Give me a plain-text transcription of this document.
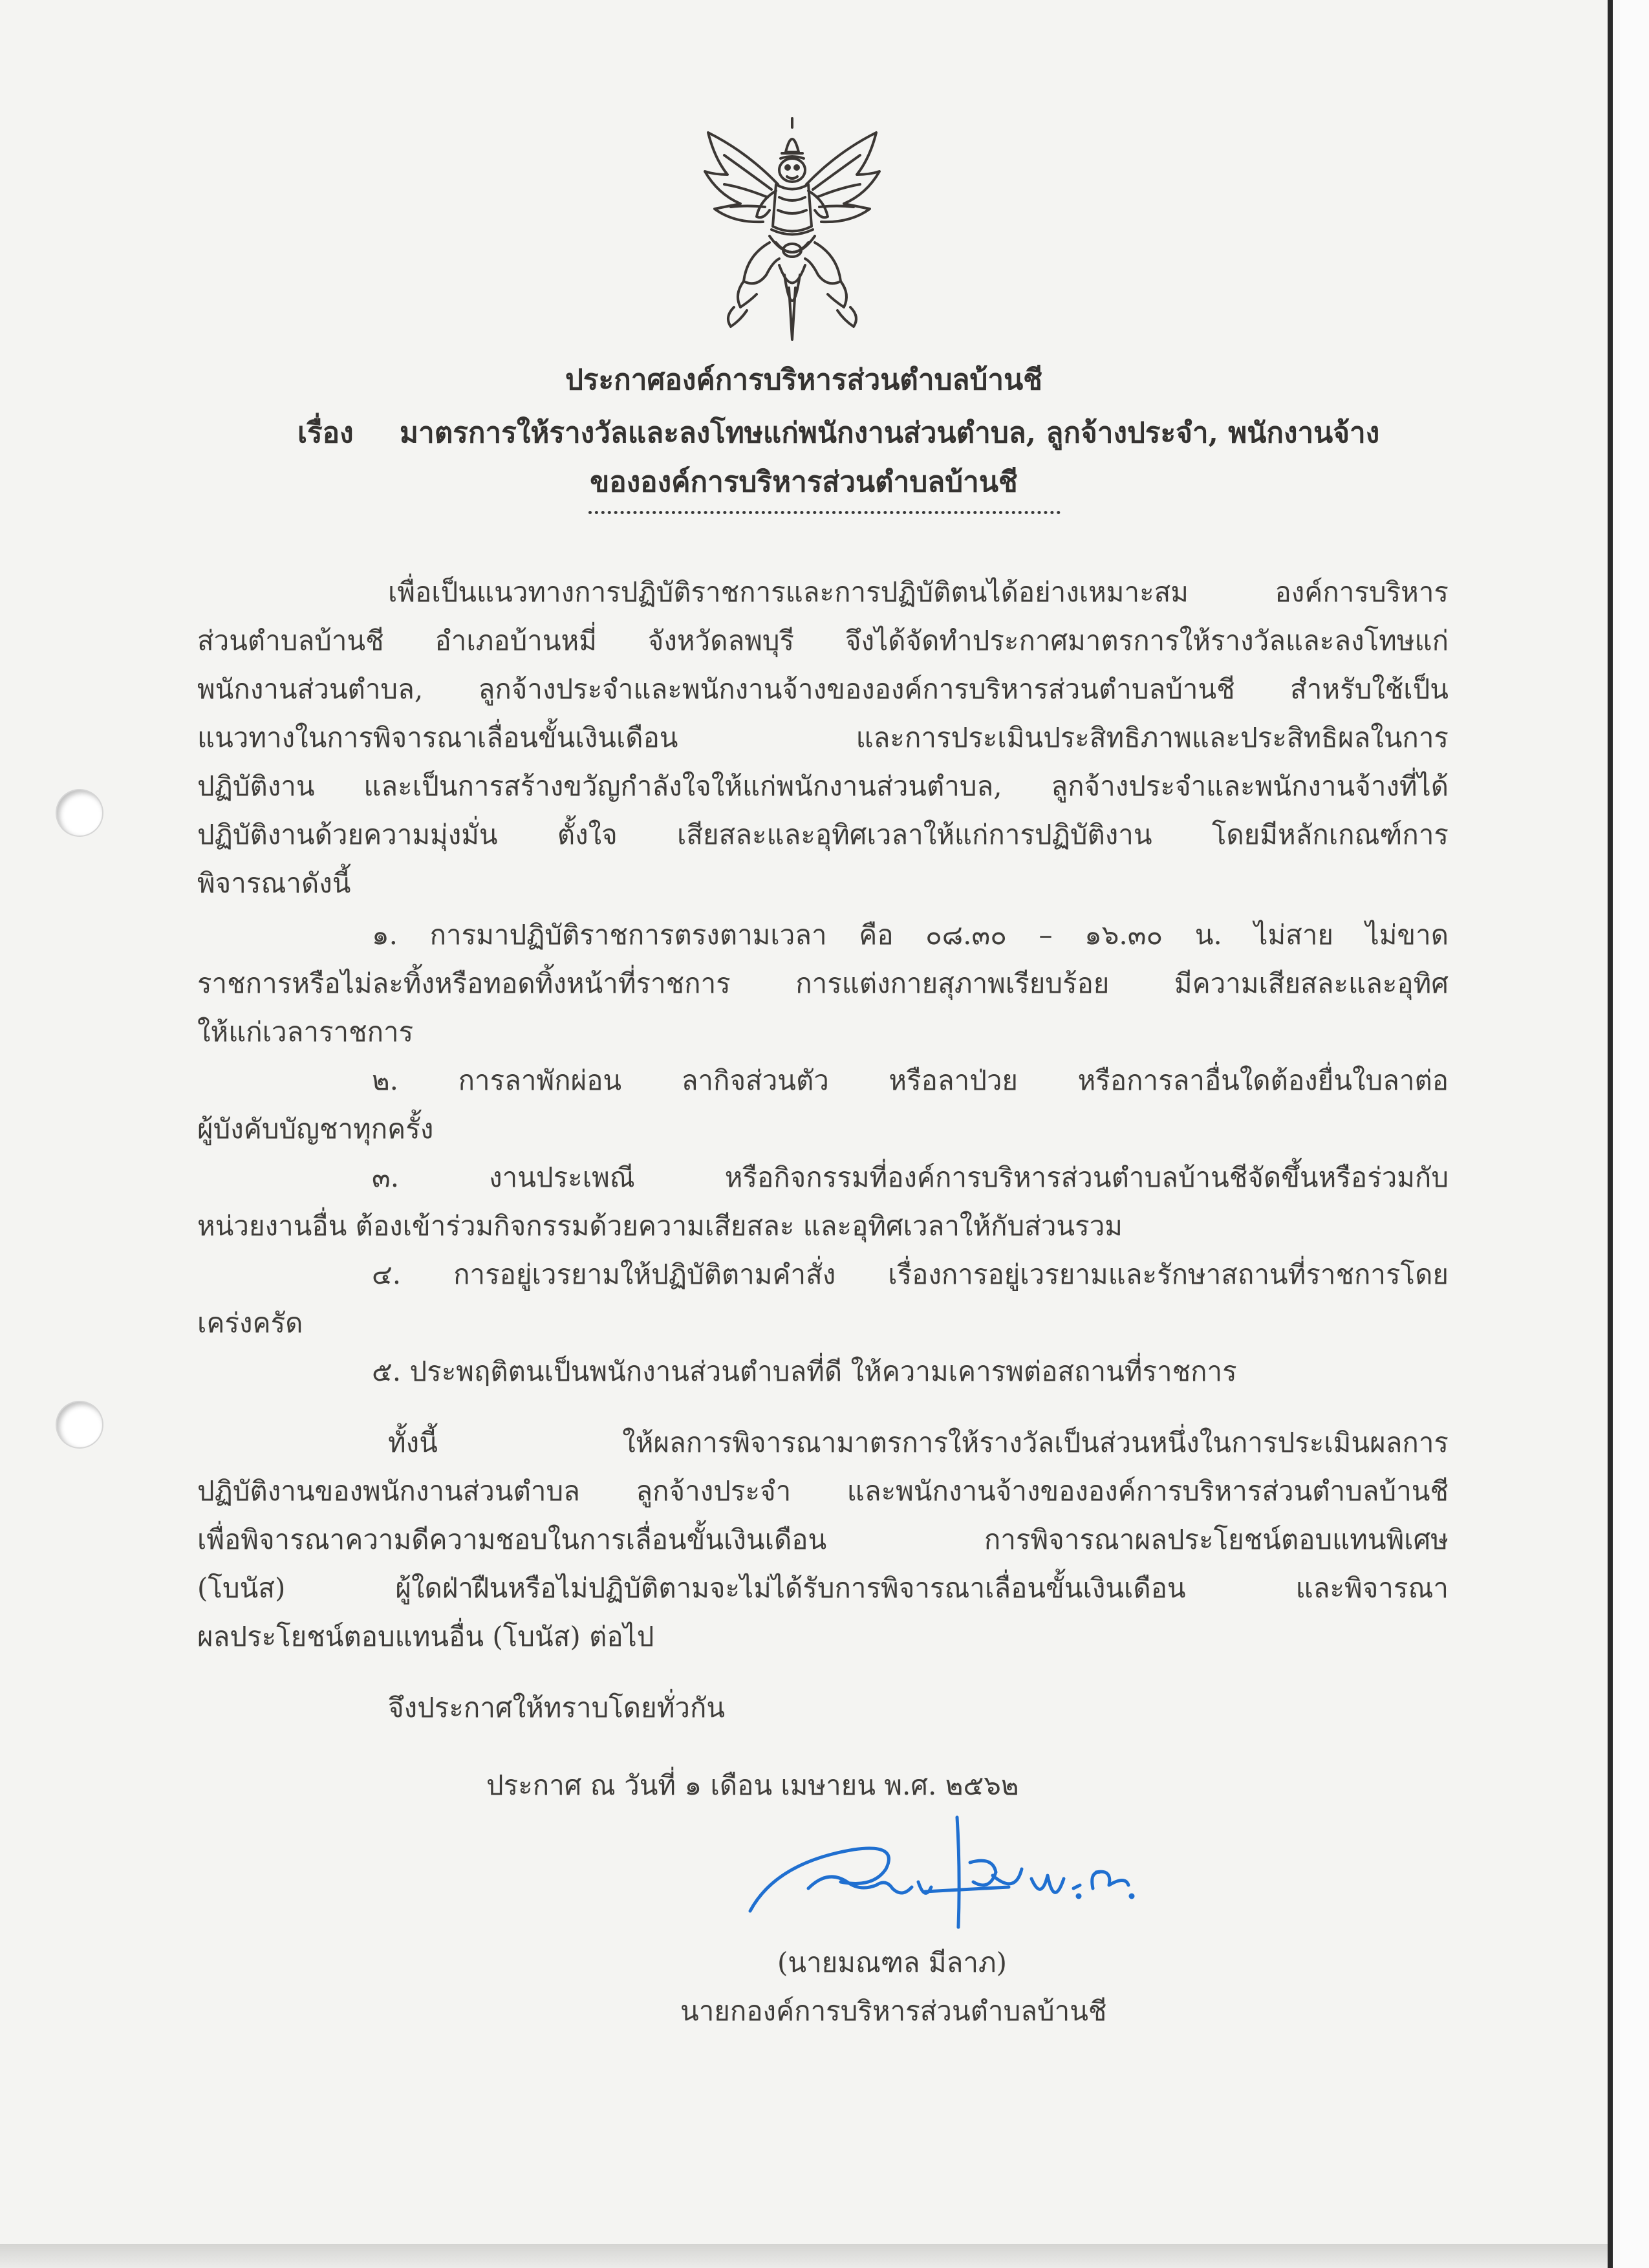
ประกาศองค์การบริหารส่วนตำบลบ้านชี
เรื่อง มาตรการให้รางวัลและลงโทษแก่พนักงานส่วนตำบล, ลูกจ้างประจำ, พนักงานจ้าง
ขององค์การบริหารส่วนตำบลบ้านชี
เพื่อเป็นแนวทางการปฏิบัติราชการและการปฏิบัติตนได้อย่างเหมาะสม องค์การบริหาร
ส่วนตำบลบ้านชี อำเภอบ้านหมี่ จังหวัดลพบุรี จึงได้จัดทำประกาศมาตรการให้รางวัลและลงโทษแก่
พนักงานส่วนตำบล, ลูกจ้างประจำและพนักงานจ้างขององค์การบริหารส่วนตำบลบ้านชี สำหรับใช้เป็น
แนวทางในการพิจารณาเลื่อนขั้นเงินเดือน และการประเมินประสิทธิภาพและประสิทธิผลในการ
ปฏิบัติงาน และเป็นการสร้างขวัญกำลังใจให้แก่พนักงานส่วนตำบล, ลูกจ้างประจำและพนักงานจ้างที่ได้
ปฏิบัติงานด้วยความมุ่งมั่น ตั้งใจ เสียสละและอุทิศเวลาให้แก่การปฏิบัติงาน โดยมีหลักเกณฑ์การ
พิจารณาดังนี้
๑. การมาปฏิบัติราชการตรงตามเวลา คือ ๐๘.๓๐ – ๑๖.๓๐ น. ไม่สาย ไม่ขาด
ราชการหรือไม่ละทิ้งหรือทอดทิ้งหน้าที่ราชการ การแต่งกายสุภาพเรียบร้อย มีความเสียสละและอุทิศ
ให้แก่เวลาราชการ
๒. การลาพักผ่อน ลากิจส่วนตัว หรือลาป่วย หรือการลาอื่นใดต้องยื่นใบลาต่อ
ผู้บังคับบัญชาทุกครั้ง
๓. งานประเพณี หรือกิจกรรมที่องค์การบริหารส่วนตำบลบ้านชีจัดขึ้นหรือร่วมกับ
หน่วยงานอื่น ต้องเข้าร่วมกิจกรรมด้วยความเสียสละ และอุทิศเวลาให้กับส่วนรวม
๔. การอยู่เวรยามให้ปฏิบัติตามคำสั่ง เรื่องการอยู่เวรยามและรักษาสถานที่ราชการโดย
เคร่งครัด
๕. ประพฤติตนเป็นพนักงานส่วนตำบลที่ดี ให้ความเคารพต่อสถานที่ราชการ
ทั้งนี้ ให้ผลการพิจารณามาตรการให้รางวัลเป็นส่วนหนึ่งในการประเมินผลการ
ปฏิบัติงานของพนักงานส่วนตำบล ลูกจ้างประจำ และพนักงานจ้างขององค์การบริหารส่วนตำบลบ้านชี
เพื่อพิจารณาความดีความชอบในการเลื่อนขั้นเงินเดือน การพิจารณาผลประโยชน์ตอบแทนพิเศษ
(โบนัส) ผู้ใดฝ่าฝืนหรือไม่ปฏิบัติตามจะไม่ได้รับการพิจารณาเลื่อนขั้นเงินเดือน และพิจารณา
ผลประโยชน์ตอบแทนอื่น (โบนัส) ต่อไป
จึงประกาศให้ทราบโดยทั่วกัน
ประกาศ ณ วันที่ ๑ เดือน เมษายน พ.ศ. ๒๕๖๒
(นายมณฑล มีลาภ)
นายกองค์การบริหารส่วนตำบลบ้านชี
